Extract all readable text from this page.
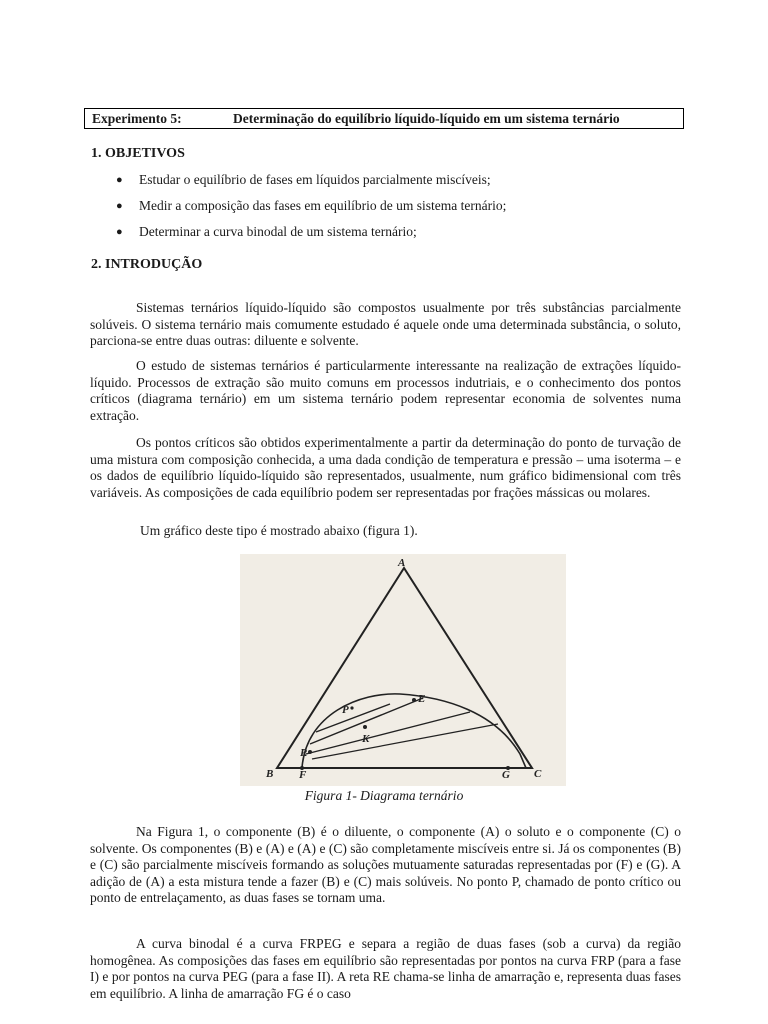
Experimento 5:	Determinação do equilíbrio líquido-líquido em um sistema ternário
1. OBJETIVOS
● Estudar o equilíbrio de fases em líquidos parcialmente miscíveis;
● Medir a composição das fases em equilíbrio de um sistema ternário;
● Determinar a curva binodal de um sistema ternário;
2. INTRODUÇÃO

Sistemas ternários líquido-líquido são compostos usualmente por três substâncias parcialmente solúveis. O sistema ternário mais comumente estudado é aquele onde uma determinada substância, o soluto, parciona-se entre duas outras: diluente e solvente.

O estudo de sistemas ternários é particularmente interessante na realização de extrações líquido-líquido. Processos de extração são muito comuns em processos indutriais, e o conhecimento dos pontos críticos (diagrama ternário) em um sistema ternário podem representar economia de solventes numa extração.

Os pontos críticos são obtidos experimentalmente a partir da determinação do ponto de turvação de uma mistura com composição conhecida, a uma dada condição de temperatura e pressão – uma isoterma – e os dados de equilíbrio líquido-líquido são representados, usualmente, num gráfico bidimensional com três variáveis. As composições de cada equilíbrio podem ser representadas por frações mássicas ou molares.

Um gráfico deste tipo é mostrado abaixo (figura 1).

A
B	C
E
F	G
K
P
R
Figura 1- Diagrama ternário

Na Figura 1, o componente (B) é o diluente, o componente (A) o soluto e o componente (C) o solvente. Os componentes (B) e (A) e (A) e (C) são completamente miscíveis entre si. Já os componentes (B) e (C) são parcialmente miscíveis formando as soluções mutuamente saturadas representadas por (F) e (G). A adição de (A) a esta mistura tende a fazer (B) e (C) mais solúveis. No ponto P, chamado de ponto crítico ou ponto de entrelaçamento, as duas fases se tornam uma.

A curva binodal é a curva FRPEG e separa a região de duas fases (sob a curva) da região homogênea. As composições das fases em equilíbrio são representadas por pontos na curva FRP (para a fase I) e por pontos na curva PEG (para a fase II). A reta RE chama-se linha de amarração e, representa duas fases em equilíbrio. A linha de amarração FG é o caso
